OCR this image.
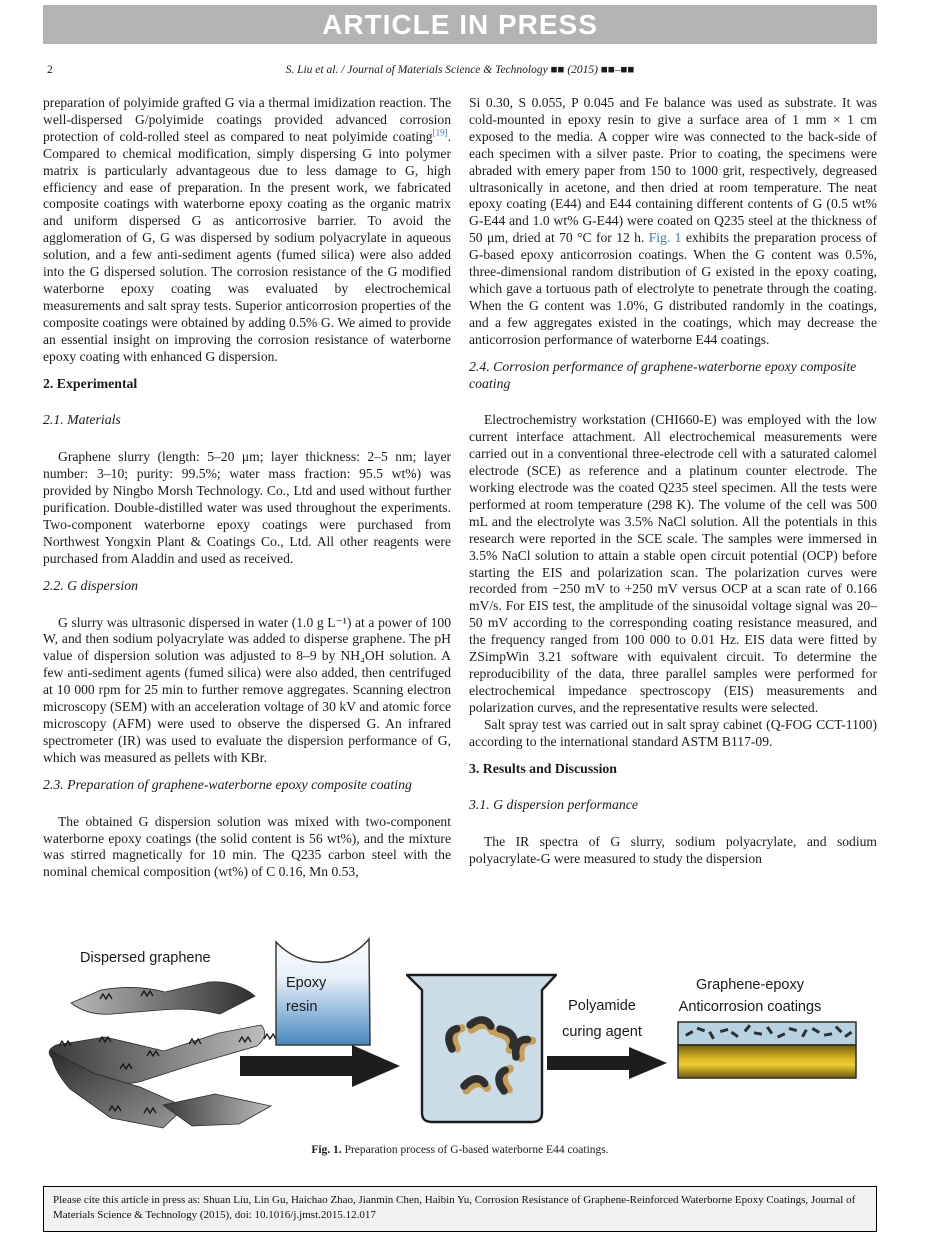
ARTICLE IN PRESS
2	S. Liu et al. / Journal of Materials Science & Technology ■■ (2015) ■■–■■

preparation of polyimide grafted G via a thermal imidization reaction. The well-dispersed G/polyimide coatings provided advanced corrosion protection of cold-rolled steel as compared to neat polyimide coating[19]. Compared to chemical modification, simply dispersing G into polymer matrix is particularly advantageous due to less damage to G, high efficiency and ease of preparation. In the present work, we fabricated composite coatings with waterborne epoxy coating as the organic matrix and uniform dispersed G as anticorrosive barrier. To avoid the agglomeration of G, G was dispersed by sodium polyacrylate in aqueous solution, and a few anti-sediment agents (fumed silica) were also added into the G dispersed solution. The corrosion resistance of the G modified waterborne epoxy coating was evaluated by electrochemical measurements and salt spray tests. Superior anticorrosion properties of the composite coatings were obtained by adding 0.5% G. We aimed to provide an essential insight on improving the corrosion resistance of waterborne epoxy coating with enhanced G dispersion.

2. Experimental
2.1. Materials

Graphene slurry (length: 5–20 μm; layer thickness: 2–5 nm; layer number: 3–10; purity: 99.5%; water mass fraction: 95.5 wt%) was provided by Ningbo Morsh Technology. Co., Ltd and used without further purification. Double-distilled water was used throughout the experiments. Two-component waterborne epoxy coatings were purchased from Northwest Yongxin Plant & Coatings Co., Ltd. All other reagents were purchased from Aladdin and used as received.

2.2. G dispersion

G slurry was ultrasonic dispersed in water (1.0 g L⁻¹) at a power of 100 W, and then sodium polyacrylate was added to disperse graphene. The pH value of dispersion solution was adjusted to 8–9 by NH₄OH solution. A few anti-sediment agents (fumed silica) were also added, then centrifuged at 10 000 rpm for 25 min to further remove aggregates. Scanning electron microscopy (SEM) with an acceleration voltage of 30 kV and atomic force microscopy (AFM) were used to observe the dispersed G. An infrared spectrometer (IR) was used to evaluate the dispersion performance of G, which was measured as pellets with KBr.

2.3. Preparation of graphene-waterborne epoxy composite coating

The obtained G dispersion solution was mixed with two-component waterborne epoxy coatings (the solid content is 56 wt%), and the mixture was stirred magnetically for 10 min. The Q235 carbon steel with the nominal chemical composition (wt%) of C 0.16, Mn 0.53,

Si 0.30, S 0.055, P 0.045 and Fe balance was used as substrate. It was cold-mounted in epoxy resin to give a surface area of 1 mm × 1 cm exposed to the media. A copper wire was connected to the back-side of each specimen with a silver paste. Prior to coating, the specimens were abraded with emery paper from 150 to 1000 grit, respectively, degreased ultrasonically in acetone, and then dried at room temperature. The neat epoxy coating (E44) and E44 containing different contents of G (0.5 wt% G-E44 and 1.0 wt% G-E44) were coated on Q235 steel at the thickness of 50 μm, dried at 70 °C for 12 h. Fig. 1 exhibits the preparation process of G-based epoxy anticorrosion coatings. When the G content was 0.5%, three-dimensional random distribution of G existed in the epoxy coating, which gave a tortuous path of electrolyte to penetrate through the coating. When the G content was 1.0%, G distributed randomly in the coatings, and a few aggregates existed in the coatings, which may decrease the anticorrosion performance of waterborne E44 coatings.

2.4. Corrosion performance of graphene-waterborne epoxy composite coating

Electrochemistry workstation (CHI660-E) was employed with the low current interface attachment. All electrochemical measurements were carried out in a conventional three-electrode cell with a saturated calomel electrode (SCE) as reference and a platinum counter electrode. The working electrode was the coated Q235 steel specimen. All the tests were performed at room temperature (298 K). The volume of the cell was 500 mL and the electrolyte was 3.5% NaCl solution. All the potentials in this research were reported in the SCE scale. The samples were immersed in 3.5% NaCl solution to attain a stable open circuit potential (OCP) before starting the EIS and polarization scan. The polarization curves were recorded from −250 mV to +250 mV versus OCP at a scan rate of 0.166 mV/s. For EIS test, the amplitude of the sinusoidal voltage signal was 20–50 mV according to the corresponding coating resistance measured, and the frequency ranged from 100 000 to 0.01 Hz. EIS data were fitted by ZSimpWin 3.21 software with equivalent circuit. To determine the reproducibility of the data, three parallel samples were performed for electrochemical impedance spectroscopy (EIS) measurements and polarization curves, and the representative results were selected.

Salt spray test was carried out in salt spray cabinet (Q-FOG CCT-1100) according to the international standard ASTM B117-09.

3. Results and Discussion
3.1. G dispersion performance

The IR spectra of G slurry, sodium polyacrylate, and sodium polyacrylate-G were measured to study the dispersion

Dispersed graphene
Epoxy
resin	Polyamide
curing agent
Graphene-epoxy
Anticorrosion coatings
Fig. 1. Preparation process of G-based waterborne E44 coatings.
Please cite this article in press as: Shuan Liu, Lin Gu, Haichao Zhao, Jianmin Chen, Haibin Yu, Corrosion Resistance of Graphene-Reinforced Waterborne Epoxy Coatings, Journal of Materials Science & Technology (2015), doi: 10.1016/j.jmst.2015.12.017
